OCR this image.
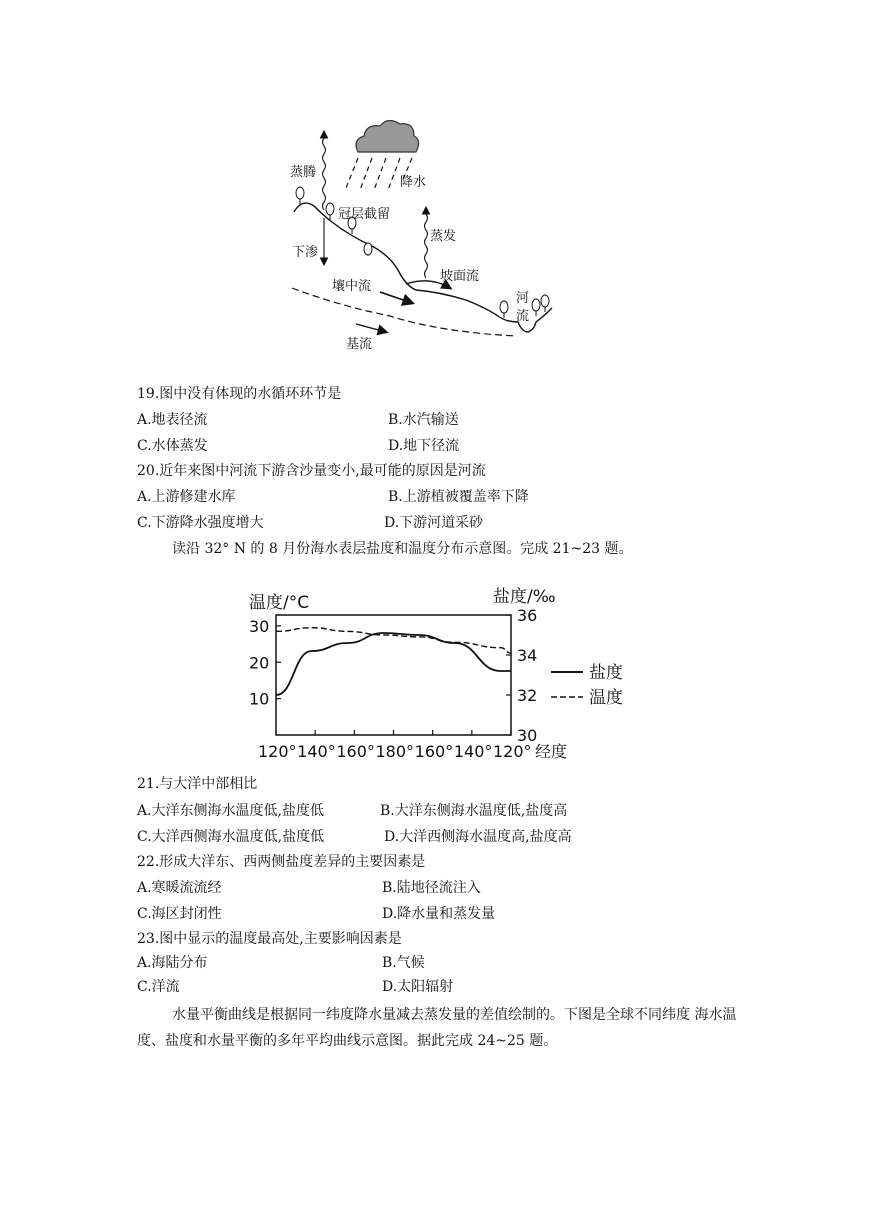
蒸腾
降水
冠层截留
下渗
蒸发
坡面流
壤中流
河
流
基流
19.图中没有体现的水循环环节是
A.地表径流	B.水汽输送
C.水体蒸发	D.地下径流
20.近年来图中河流下游含沙量变小,最可能的原因是河流
A.上游修建水库	B.上游植被覆盖率下降
C.下游降水强度增大	D.下游河道采砂
读沿 32° N 的 8 月份海水表层盐度和温度分布示意图。完成 21~23 题。
温度/°C	盐度/‰
30
20
10
36
34
32
30
120° 140° 160° 180° 160° 140° 120° 经度
盐度
温度
21.与大洋中部相比
A.大洋东侧海水温度低,盐度低	B.大洋东侧海水温度低,盐度高
C.大洋西侧海水温度低,盐度低	D.大洋西侧海水温度高,盐度高
22.形成大洋东、西两侧盐度差异的主要因素是
A.寒暖流流经	B.陆地径流注入
C.海区封闭性	D.降水量和蒸发量
23.图中显示的温度最高处,主要影响因素是
A.海陆分布	B.气候
C.洋流	D.太阳辐射
水量平衡曲线是根据同一纬度降水量减去蒸发量的差值绘制的。下图是全球不同纬度 海水温
度、盐度和水量平衡的多年平均曲线示意图。据此完成 24~25 题。
